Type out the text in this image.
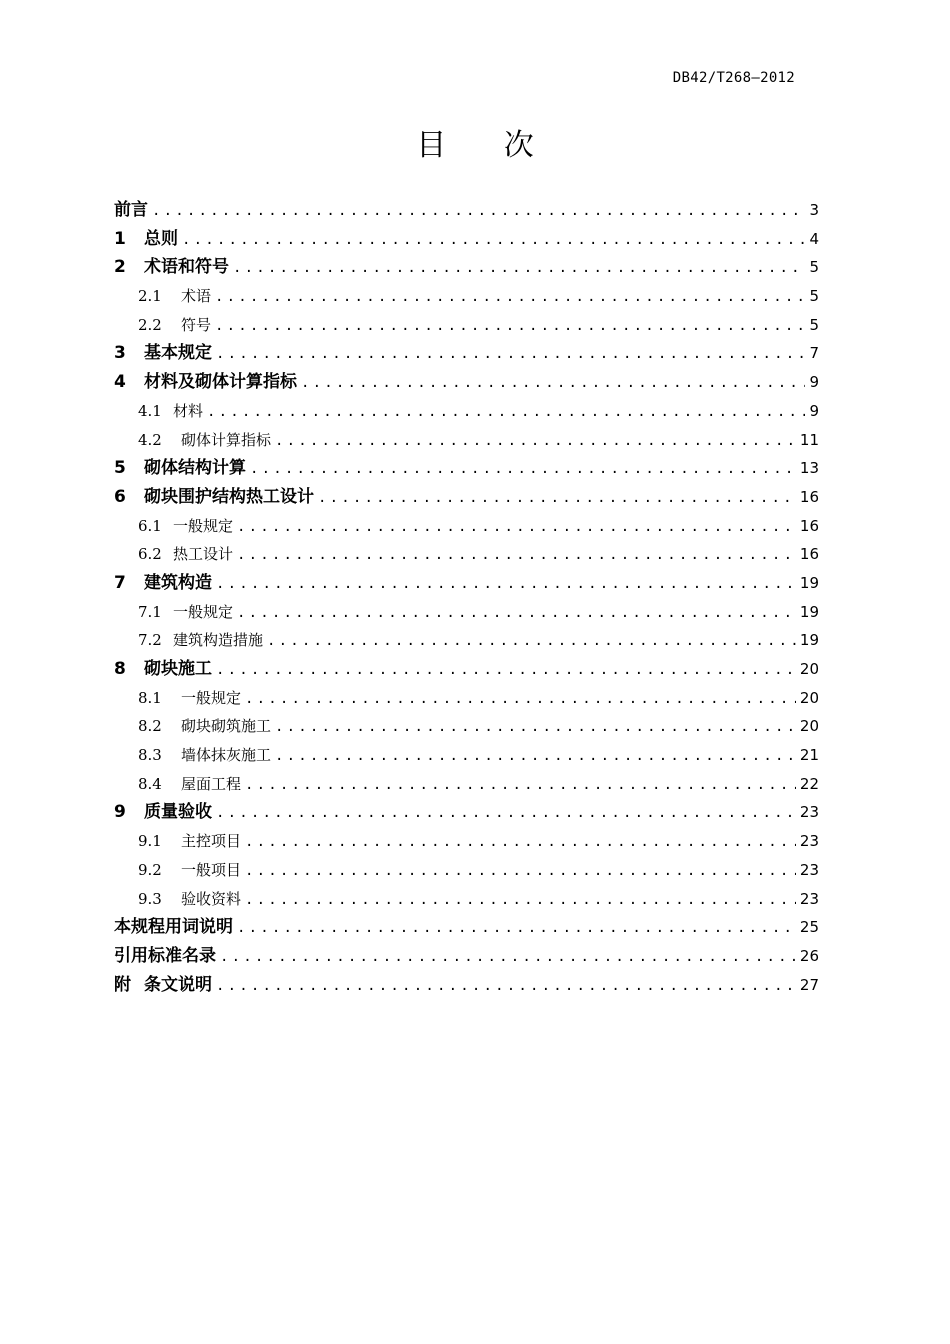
DB42/T268—2012
目 次
前言 .....	3
1 总则 .....	4
2 术语和符号 .....	5
2.1 术语 .....	5
2.2 符号 .....	5
3 基本规定 .....	7
4 材料及砌体计算指标 .....	9
4.1 材料 .....	9
4.2 砌体计算指标 .....	11
5 砌体结构计算 .....	13
6 砌块围护结构热工设计 .....	16
6.1 一般规定 .....	16
6.2 热工设计 .....	16
7 建筑构造 .....	19
7.1 一般规定 .....	19
7.2 建筑构造措施 .....	19
8 砌块施工 .....	20
8.1 一般规定 .....	20
8.2 砌块砌筑施工 .....	20
8.3 墙体抹灰施工 .....	21
8.4 屋面工程 .....	22
9 质量验收 .....	23
9.1 主控项目 .....	23
9.2 一般项目 .....	23
9.3 验收资料 .....	23
本规程用词说明 .....	25
引用标准名录 .....	26
附 条文说明 .....	27
